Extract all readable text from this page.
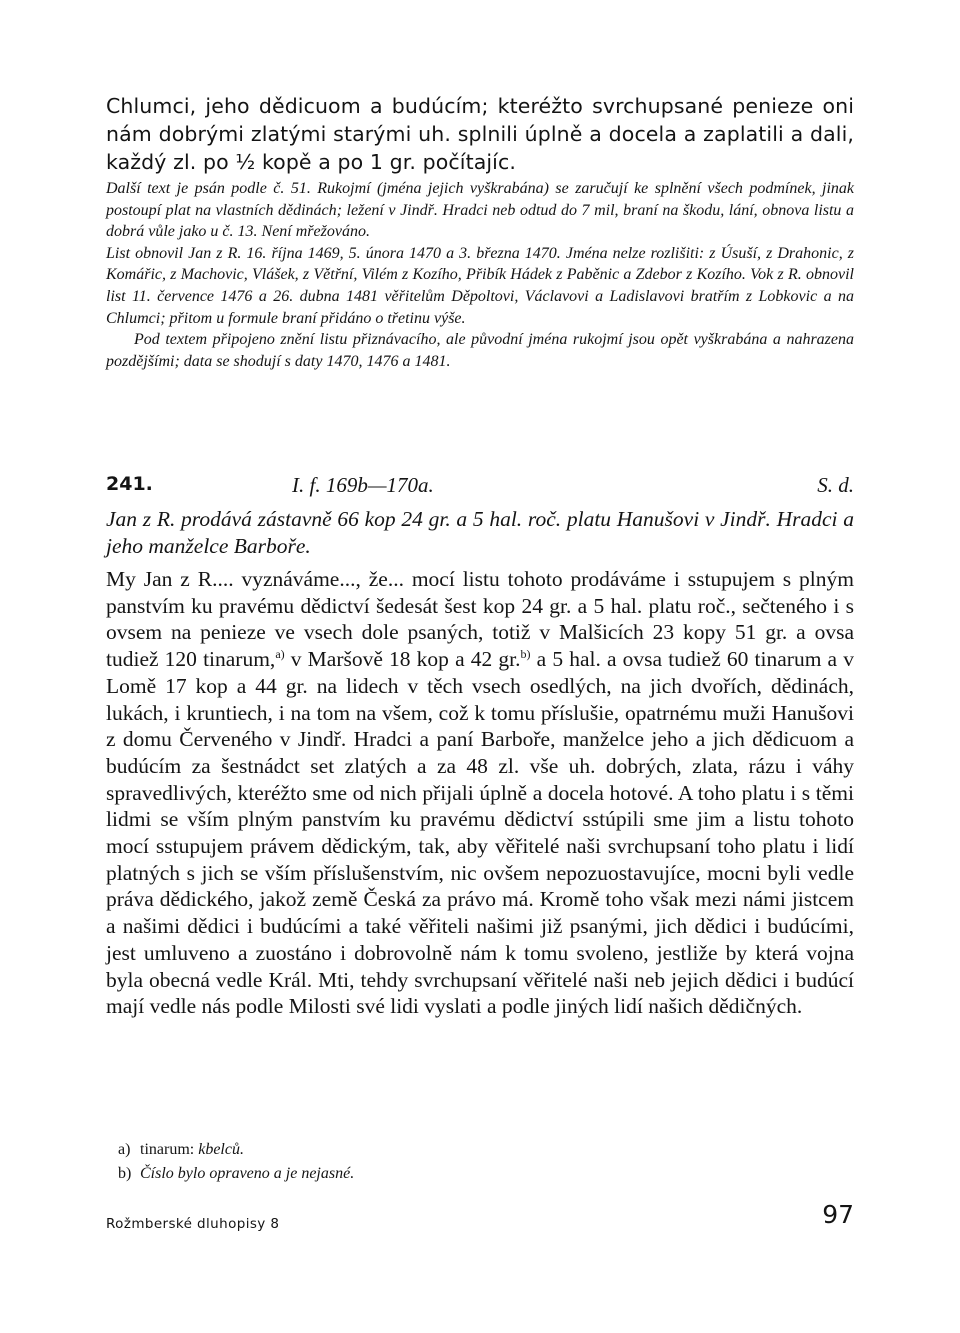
Chlumci, jeho dědicuom a budúcím; kteréžto svrchupsané penieze oni nám dobrými zlatými starými uh. splnili úplně a docela a zaplatili a dali, každý zl. po ½ kopě a po 1 gr. počítajíc.

Další text je psán podle č. 51. Rukojmí (jména jejich vyškrabána) se zaručují ke splnění všech podmínek, jinak postoupí plat na vlastních dědinách; ležení v Jindř. Hradci neb odtud do 7 mil, braní na škodu, lání, obnova listu a dobrá vůle jako u č. 13. Není mřežováno.

List obnovil Jan z R. 16. října 1469, 5. února 1470 a 3. března 1470. Jména nelze rozlišiti: z Úsuší, z Drahonic, z Komářic, z Machovic, Vlášek, z Větřní, Vilém z Kozího, Přibík Hádek z Paběnic a Zdebor z Kozího. Vok z R. obnovil list 11. července 1476 a 26. dubna 1481 věřitelům Děpoltovi, Václavovi a Ladislavovi bratřím z Lobkovic a na Chlumci; přitom u formule braní přidáno o třetinu výše.

Pod textem připojeno znění listu přiznávacího, ale původní jména rukojmí jsou opět vyškrabána a nahrazena pozdějšími; data se shodují s daty 1470, 1476 a 1481.

241.	I. f. 169b—170a.	S. d.

Jan z R. prodává zástavně 66 kop 24 gr. a 5 hal. roč. platu Hanušovi v Jindř. Hradci a jeho manželce Barboře.

My Jan z R.... vyznáváme..., že... mocí listu tohoto prodáváme i sstupujem s plným panstvím ku pravému dědictví šedesát šest kop 24 gr. a 5 hal. platu roč., sečteného i s ovsem na penieze ve vsech dole psaných, totiž v Malšicích 23 kopy 51 gr. a ovsa tudiež 120 tinarum,$^{a)}$ v Maršově 18 kop a 42 gr.$^{b)}$ a 5 hal. a ovsa tudiež 60 tinarum a v Lomě 17 kop a 44 gr. na lidech v těch vsech osedlých, na jich dvořích, dědinách, lukách, i kruntiech, i na tom na všem, což k tomu příslušie, opatrnému muži Hanušovi z domu Červeného v Jindř. Hradci a paní Barboře, manželce jeho a jich dědicuom a budúcím za šestnádct set zlatých a za 48 zl. vše uh. dobrých, zlata, rázu i váhy spravedlivých, kteréžto sme od nich přijali úplně a docela hotové. A toho platu i s těmi lidmi se vším plným panstvím ku pravému dědictví sstúpili sme jim a listu tohoto mocí sstupujem právem dědickým, tak, aby věřitelé naši svrchupsaní toho platu i lidí platných s jich se vším příslušenstvím, nic ovšem nepozuostavujíce, mocni byli vedle práva dědického, jakož země Česká za právo má. Kromě toho však mezi námi jistcem a našimi dědici i budúcími a také věřiteli našimi již psanými, jich dědici i budúcími, jest umluveno a zuostáno i dobrovolně nám k tomu svoleno, jestliže by která vojna byla obecná vedle Král. Mti, tehdy svrchupsaní věřitelé naši neb jejich dědici i budúcí mají vedle nás podle Milosti své lidi vyslati a podle jiných lidí našich dědičných.

a) tinarum: kbelců.

b) Číslo bylo opraveno a je nejasné.

Rožmberské dluhopisy 8	97
